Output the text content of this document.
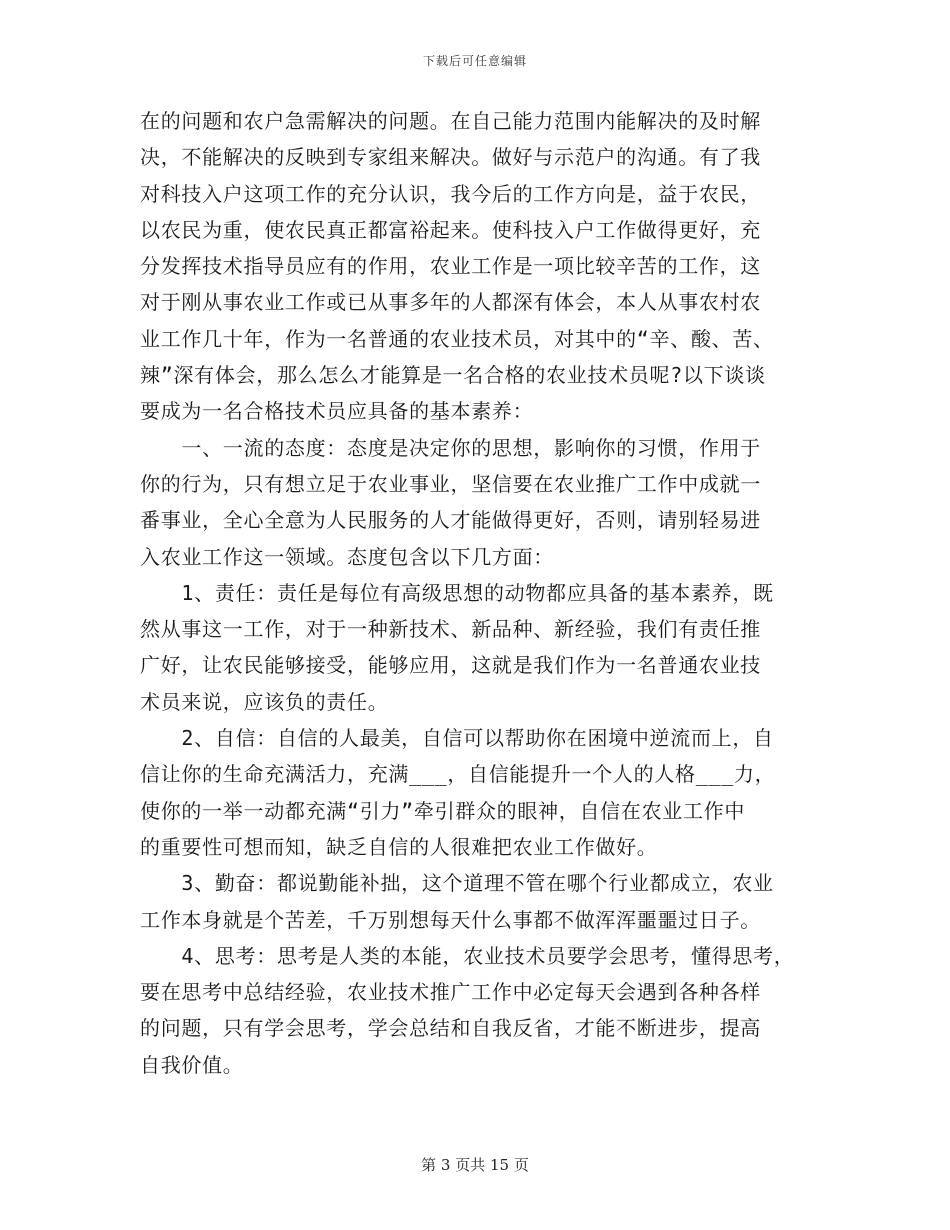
下载后可任意编辑
在的问题和农户急需解决的问题。在自己能力范围内能解决的及时解
决，不能解决的反映到专家组来解决。做好与示范户的沟通。有了我
对科技入户这项工作的充分认识，我今后的工作方向是，益于农民，
以农民为重，使农民真正都富裕起来。使科技入户工作做得更好，充
分发挥技术指导员应有的作用，农业工作是一项比较辛苦的工作，这
对于刚从事农业工作或已从事多年的人都深有体会，本人从事农村农
业工作几十年，作为一名普通的农业技术员，对其中的“辛、酸、苦、
辣”深有体会，那么怎么才能算是一名合格的农业技术员呢?以下谈谈
要成为一名合格技术员应具备的基本素养：
　　一、一流的态度：态度是决定你的思想，影响你的习惯，作用于
你的行为，只有想立足于农业事业，坚信要在农业推广工作中成就一
番事业，全心全意为人民服务的人才能做得更好，否则，请别轻易进
入农业工作这一领域。态度包含以下几方面：
　　1、责任：责任是每位有高级思想的动物都应具备的基本素养，既
然从事这一工作，对于一种新技术、新品种、新经验，我们有责任推
广好，让农民能够接受，能够应用，这就是我们作为一名普通农业技
术员来说，应该负的责任。
　　2、自信：自信的人最美，自信可以帮助你在困境中逆流而上，自
信让你的生命充满活力，充满___，自信能提升一个人的人格___力，
使你的一举一动都充满“引力”牵引群众的眼神，自信在农业工作中
的重要性可想而知，缺乏自信的人很难把农业工作做好。
　　3、勤奋：都说勤能补拙，这个道理不管在哪个行业都成立，农业
工作本身就是个苦差，千万别想每天什么事都不做浑浑噩噩过日子。
　　4、思考：思考是人类的本能，农业技术员要学会思考，懂得思考，
要在思考中总结经验，农业技术推广工作中必定每天会遇到各种各样
的问题，只有学会思考，学会总结和自我反省，才能不断进步，提高
自我价值。
第 3 页共 15 页
